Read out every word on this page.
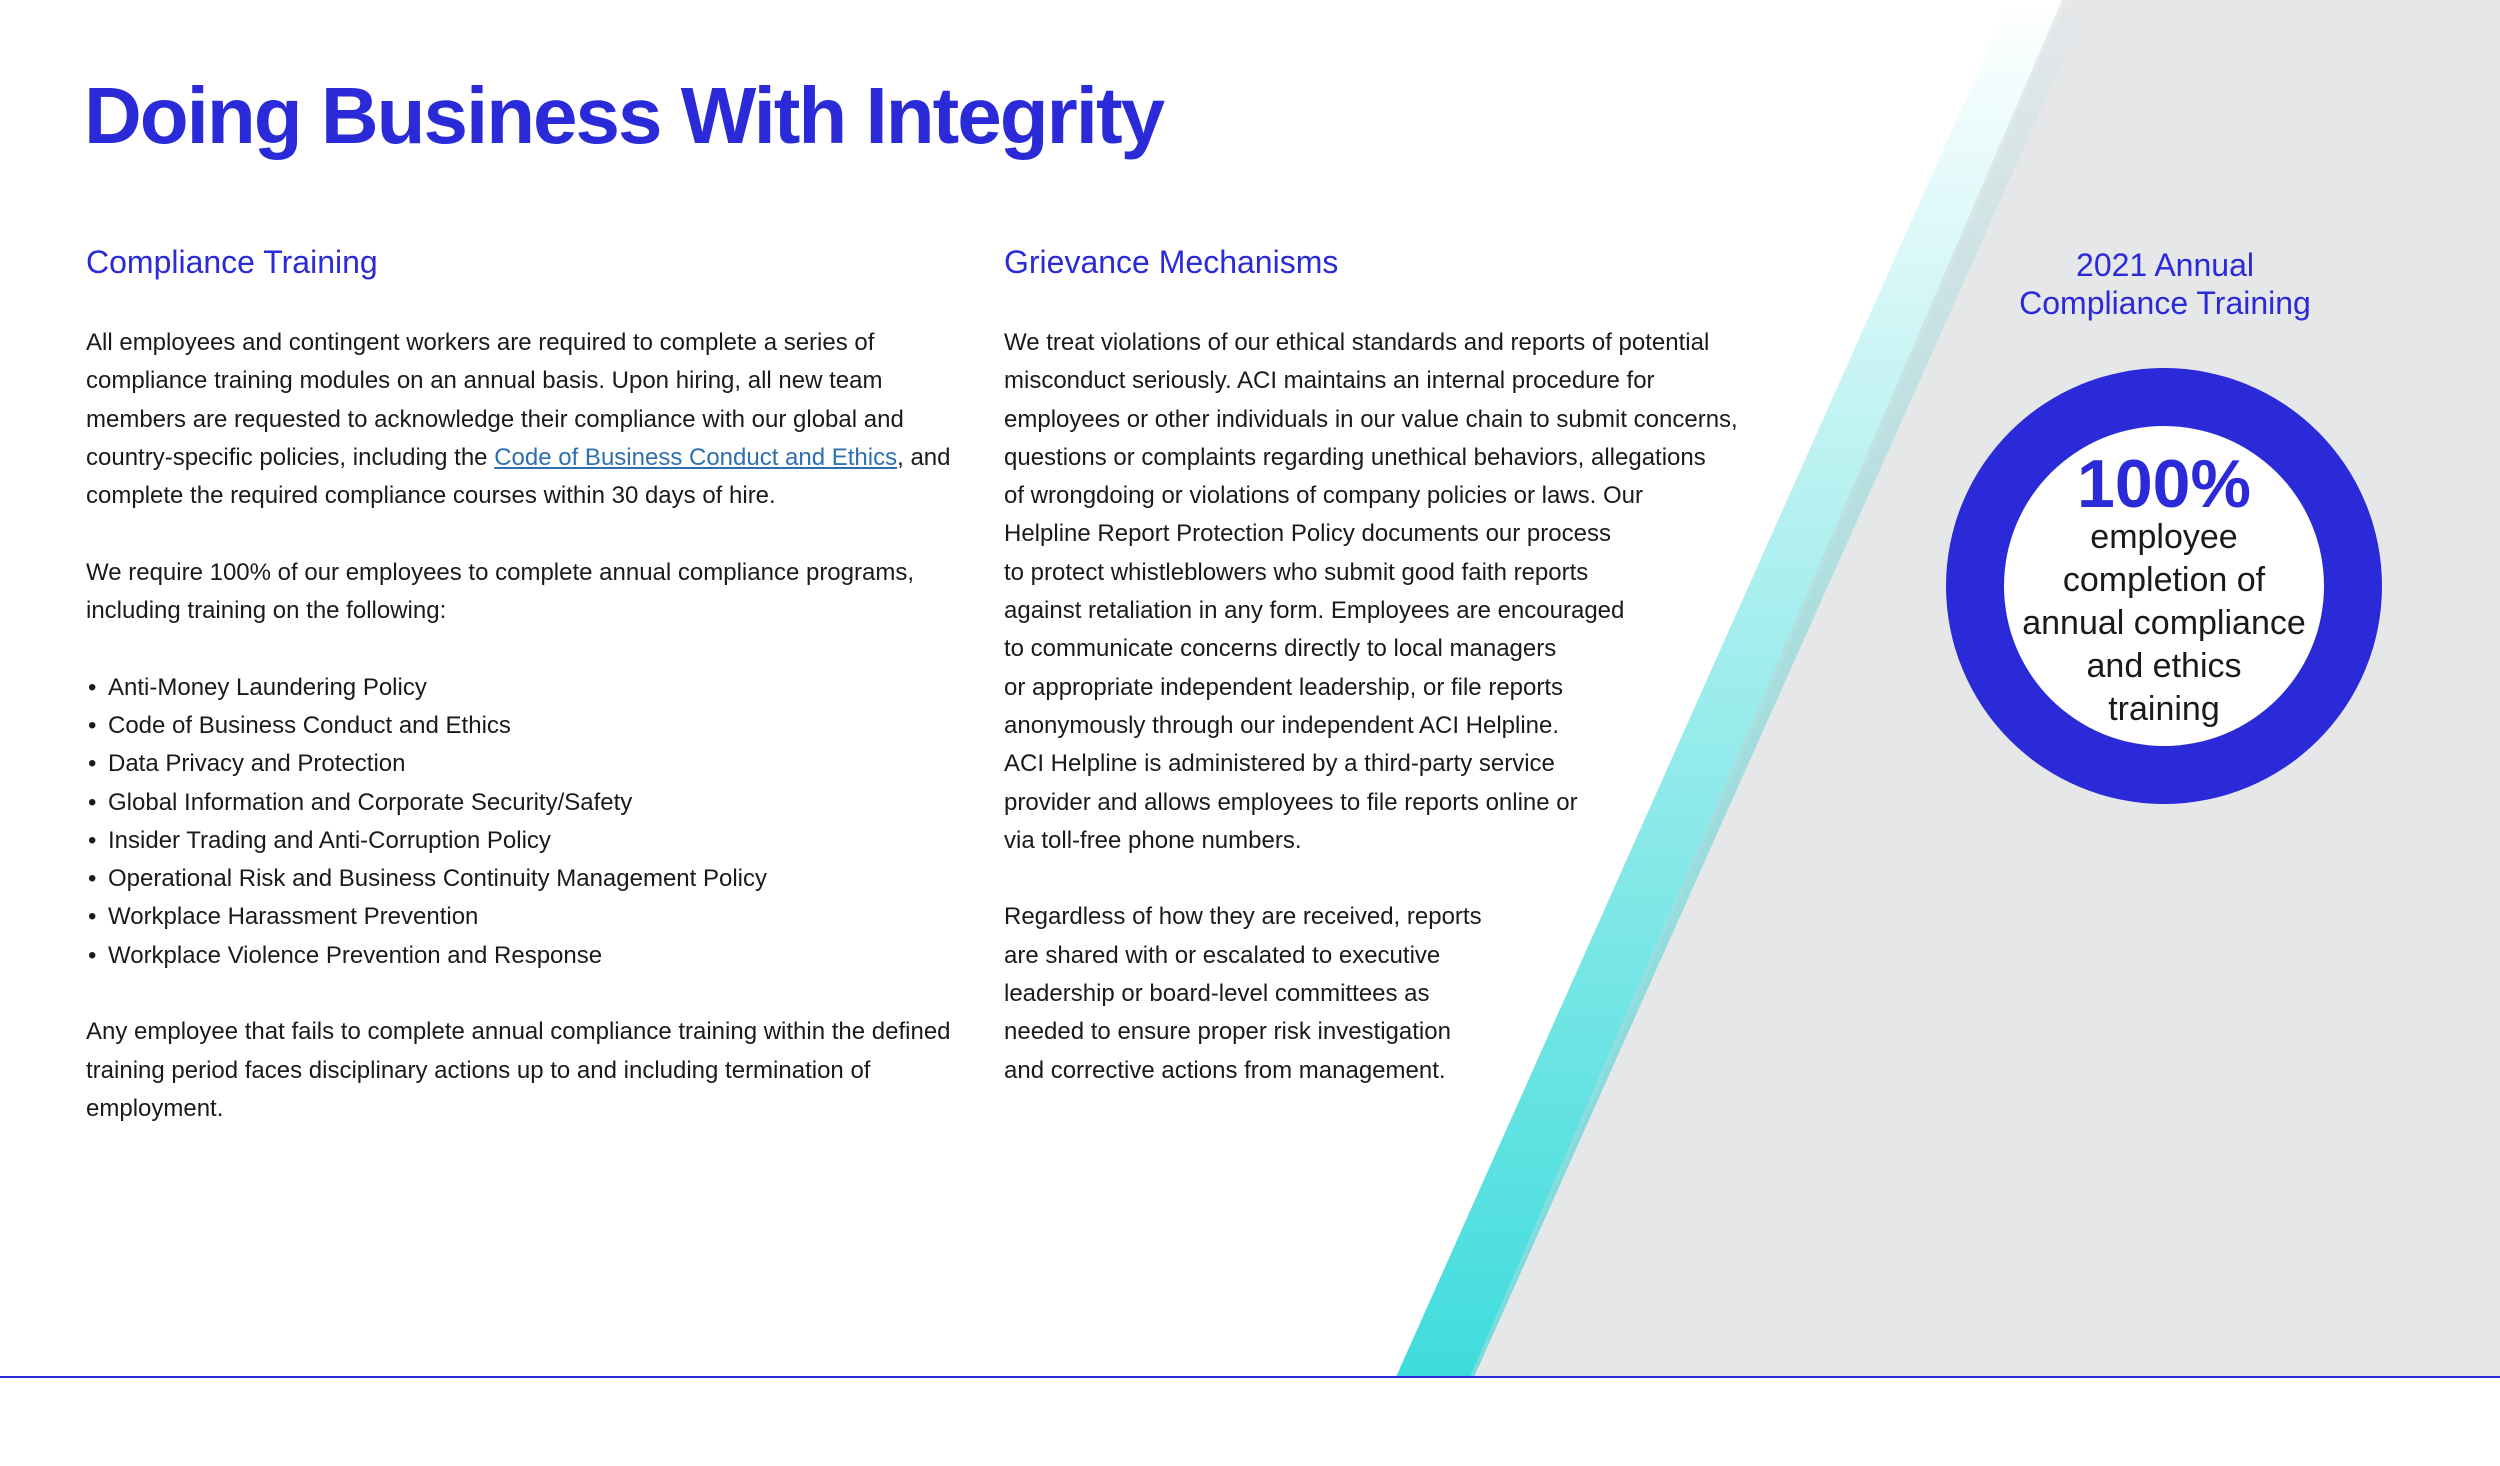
Doing Business With Integrity
Compliance Training

All employees and contingent workers are required to complete a series of compliance training modules on an annual basis. Upon hiring, all new team members are requested to acknowledge their compliance with our global and country-specific policies, including the Code of Business Conduct and Ethics, and complete the required compliance courses within 30 days of hire.

We require 100% of our employees to complete annual compliance programs, including training on the following:

• Anti-Money Laundering Policy
• Code of Business Conduct and Ethics
• Data Privacy and Protection
• Global Information and Corporate Security/Safety
• Insider Trading and Anti-Corruption Policy
• Operational Risk and Business Continuity Management Policy
• Workplace Harassment Prevention
• Workplace Violence Prevention and Response

Any employee that fails to complete annual compliance training within the defined training period faces disciplinary actions up to and including termination of employment.

Grievance Mechanisms

We treat violations of our ethical standards and reports of potential
misconduct seriously. ACI maintains an internal procedure for
employees or other individuals in our value chain to submit concerns,
questions or complaints regarding unethical behaviors, allegations
of wrongdoing or violations of company policies or laws. Our
Helpline Report Protection Policy documents our process
to protect whistleblowers who submit good faith reports
against retaliation in any form. Employees are encouraged
to communicate concerns directly to local managers
or appropriate independent leadership, or file reports
anonymously through our independent ACI Helpline.
ACI Helpline is administered by a third-party service
provider and allows employees to file reports online or
via toll-free phone numbers.

Regardless of how they are received, reports
are shared with or escalated to executive
leadership or board-level committees as
needed to ensure proper risk investigation
and corrective actions from management.

2021 Annual
Compliance Training
100%
employee
completion of
annual compliance
and ethics
training
